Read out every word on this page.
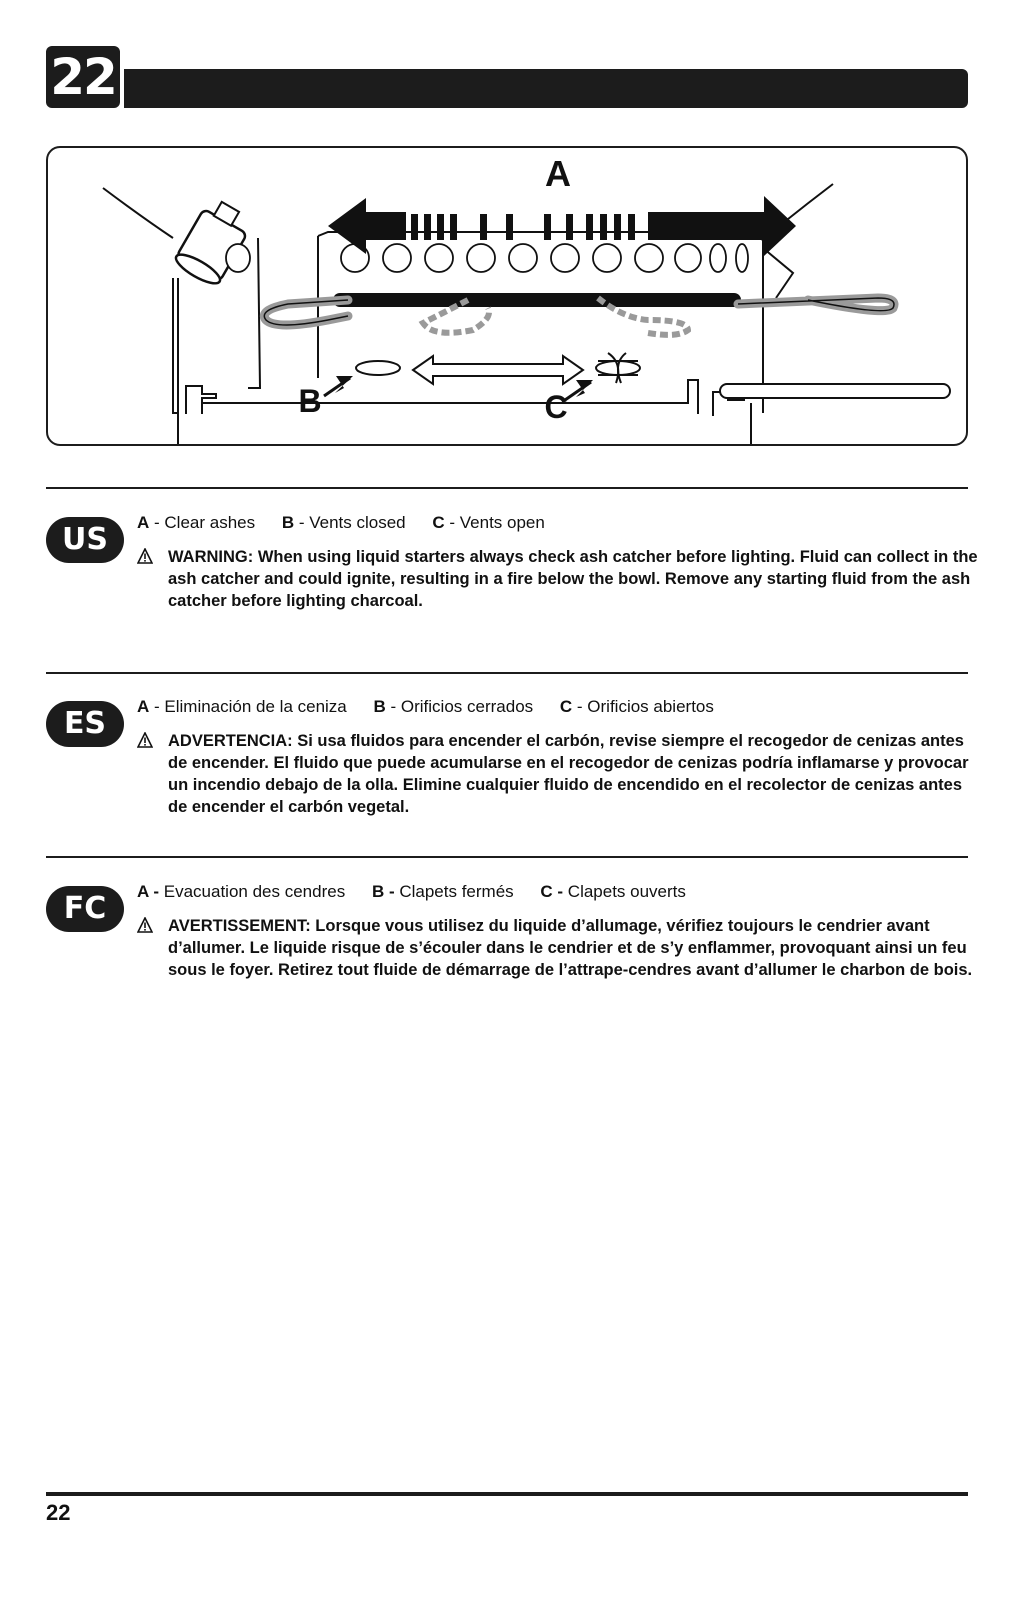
22
A
B	C
US	A - Clear ashes B - Vents closed C - Vents open
WARNING: When using liquid starters always check ash catcher before lighting. Fluid can collect in the ash catcher and could ignite, resulting in a fire below the bowl. Remove any starting fluid from the ash catcher before lighting charcoal.
ES	A - Eliminación de la ceniza B - Orificios cerrados C - Orificios abiertos
ADVERTENCIA: Si usa fluidos para encender el carbón, revise siempre el recogedor de cenizas antes de encender. El fluido que puede acumularse en el recogedor de cenizas podría inflamarse y provocar un incendio debajo de la olla. Elimine cualquier fluido de encendido en el recolector de cenizas antes de encender el carbón vegetal.
FC	A - Evacuation des cendres B - Clapets fermés C - Clapets ouverts
AVERTISSEMENT: Lorsque vous utilisez du liquide d’allumage, vérifiez toujours le cendrier avant d’allumer. Le liquide risque de s’écouler dans le cendrier et de s’y enflammer, provoquant ainsi un feu sous le foyer. Retirez tout fluide de démarrage de l’attrape-cendres avant d’allumer le charbon de bois.
22
